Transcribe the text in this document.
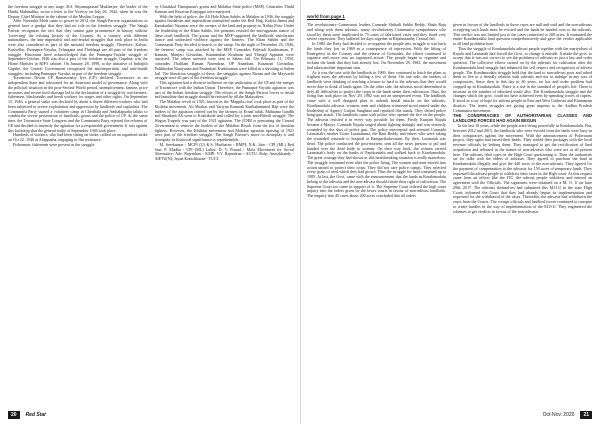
the freedom struggle at any stage. R.S. Shyamaprasad Mukherjee, the leader of the Hindu Mahasabha, wrote a letter to the Viceroy on July 26, 1942, when he was the Deputy Chief Minister in the cabinet of the Muslim League.

After Narendra Modi came to power in 2014, the Sangh Parivar organizations in general have a grudge that they had no role in the freedom struggle. The Sangh Parivar recognizes the fact that they cannot gain prominence in history without 'correcting' the existing history of the Country. As a country with different nationalities, the anti-imperialist and anti-feudal struggles that took place in India were also considered as part of the national freedom struggle. Therefore, Kalyur, Karivellur, Punnapra-Vayalar, Telangana and Thebhaga are all part of the freedom struggle. Historians have acknowledged that the Punnapra-Vayalar struggle of September-October 1946 was also a part of the freedom struggle. Gupthia, was the Home Minister in BJP's cabinet. On January 28, 1998, at the initiative of Indrajith Gupthe, the Central Government recognized the anti-imperialist and anti-feudal struggles, including Punnapra-Vayalar, as part of the freedom struggle.

Travancore Diwan CP Ramaswamy Iyer (CP) declared Travancore as an independent State and advocated for an American model of governance. Along with the political situation in the post-Second World period, unemployment, famine, price increases and severe food shortage led to the declaration of a struggle by coir-farmers, fishermen, blacksmiths and beedi workers for wages and other rights. On September 15, 1946, a general strike was declared by about a dozen different workers who had been subjected to severe exploitation and oppression by landlords and capitalists. The Communist Party started a volunteer camp in Cherthala and Ambalapuzha taluks to combat the severe persecution of landlords, goons and the police of CP. At the same time, the Travancore State Congress and the Communist Party rejected the reforms of CP and decided to intensify the agitation for a responsible government. It was against this backdrop that the general strike of September 1946 took place.

Hundreds of workers, who had been sitting on strike, rallied on an organised strike on Oct 22, 1946 at Alappuzha, engaging in flat resistance.

Fishermen, fishermen were present as the struggle.

by Chirakkal Thampuran's goons and Malabar State police (MSP). Comrades Thidil Kannan and Kesavan Kunjappa were martyred.

With the help of police, the Ali Hole Khan Sahibs in Malabar in 1936, the struggle against feudalism and imperialism intensified under the Red Flag. Kalyat Janmi and Kanakathiri Nayanar were the owners of the land and property in Nithur Pitta. Under the leadership of the Khan Sahibs, the peasants resisted the anti-agrarian stance of these cruel landlords. The goons and the MSP supported the landlords' anti-farmer stance and unleashed violence against the farmers. The Khan Sahibs and the Communist Party decided to march to the camp. On the night of December 20, 1946, the farmers' camp was attacked by the MSP. Comrades Puliyadi Kunhiraman, P. Kannan, Manjeri Govindan, Kannamban Krishnan and Thengil Appunni were martyred. The others arrested were sent to Salem Jail. On February 11, 1950, comrades Thalilam Raman Narendran, OP Ananthan, Kasanoni Govindan, Pulikkodan Narayanan and Panambati Kunhiraman were killed in a shooting at Salem Jail. The liberation struggle of these, the struggles against Nizam and the Mayyazhi struggle were all part of the freedom struggle.

This agitation had a decisive influence on the unification of the CP and the merger of Travancore with the Indian Union. Therefore, the Punnapra-Vayalar agitation was part of the Indian freedom struggle. The efforts of the Sangh Parivar forces to insult and humiliate that struggle should be resisted by all the Malayalees.

The Malabar revolt of 1921, known as the 'Mappila riots' took place as part of the Khilafat movement. Ali Musliar and Variyan Kunnath Kunhahammed Haji were the leaders of the agitation carried out by the farmers of Ernad taluk. Mahatma Gandhi and Shaukath Ali went to Kozhikode and called for a joint anti-British struggle. The Wagon Tragedy was part of the 1921 agitation. The ICHR is pressuring the Central Government to remove the leaders of the Malabar Revolt from the list of freedom fighters. However, the Khilafat movement and Malabar agrarian uprising of 1921 were part of the freedom struggle. The Sangh Parivar's move to downplay it and downplay its historical significance is reprehensible.

M. Sreekumar - MCPI (U) K.S. Hariharan - RMPI; N.K. Jain - CPI (ML) Red Star; P. Madhu - CPI (ML) Labor; D. V. Prasad - Mass Movement for Social Alternative; Adv. Rajendran - KMP; V.V. Rajendran - ACTU; Roby Anayikkandy - AIFTU(N); Jayan Konickkaran - TUCI.

20	Red Star
world from page 1

The revolutionary Communist leaders Comrade Shibadi Subba Reddy, Shahi Raju and along with them adivasis, many revolutionary Communist sympathisers who stood by them were implicated in 75 cases of fabricated cases and they faced very severe repression. They suffered for days together in Rajahmundry Central Jail.

In 1980, the Party had decided to re-organise the people into struggle to win back the lands they lost in 1969 as a consequence of repression. With the lifting of Emergency in the Country and the release of Comrades, the efforts continued to organise and move into an organized action. The people began to organise and reclaim the lands that they had already lost. On November 29, 1982, the movement had taken another important turn.

As it was the case with the landlords in 1969, they continued to hatch the plans to frighten away the adivasis by killing a few of them. On one side, the leaders of landlords were thinking of teaching a lesson so hard to the adivasis that they would never dare to think of lands again. On the other side, the adivasis stood determined to defy all difficulties to protect the crops in the lands under their cultivation. Thus, the firing that took place on Nov' 29, 1982 was not an unexpected event. The landlords came with a well designed plan to unleash brutal attacks on the adivasis. Kondamodalu adivasis -women, men and children witnessed-stood united under the leadership of Agency Girijan Sangham and repulsed this attack. They defied police bang-gun attack. The landlords came with police who opened the fire on the people. The adivasis resisted it in every way possible for them. Firstly Kunjam Rajulu became a Martyr. Comrade Rajulu surged ahead fighting daringly and was seriously wounded by the shot of police gun. The police intercepted and arrested Comrade Laxmaiah's mother Gorre Laxmamma, the Rani Reddy and others who were taking the wounded comrade to hospital at Rampachodavaram. By then, Laxmaiah was dead. The police conducted the post-mortem, sent all the news persons to jail and handed over the dead body to women. On their way back, the women carried Laxmaiah's body on the banks of Papikondalu and walked back to Kondamodalu. The great courage they had shown in this heartbreaking situation is really marvelous. The struggle continued even after the police firing. The women and men moved into action united to protect their crops. They did not care police camps. They selected every grain of seed which they had grown. Thus the struggle for land continued up to 1985. At last, the Govt. came with the announcement that the lands in Kondamodalu belong to the adivasis and the non-adivasi should vitiate their right of cultivation. The Supreme Court too came in support of it. The Supreme Court ordered the high court inquiry into the orders given by the lower courts in favour of non-adivasi landlords. The enquiry into 45 cases about 200 acres concluded that all orders

given in favour of the landlords in those cases are null and void and the non-adivasis occupying such lands must be evicted and the lands be handed over to the adivasis. This verdict was not limited just to the cases connected to 200 acres. It examined the entire Kondamodalu land question comprehensively and gave the verdict applicable to all land problems here.

Thus the struggle of Kondamodalu adivasi people together with the martyrdom of Rajulu and Laxmaiah had forced the Govt. to change it attitude. It made the govt. to accept that it was not correct to see the problems of adivasis as just a law and order question. The collective efforts carried on by the adivasis for cultivation after the Kondamodalu land struggle had enhanced the self respect and recognition of adivasi people. The Kondamodalu struggle held that the land to non-adivasi poor and asked them to live in a friendly relation with adivasis and not to indulge in any sort of conspiracies. Since then to this day in 36 years, no law and order problem had cropped up in Kondamodalu. There is a rise in the standard of people's life. There is increase in the number of educated youth also. The Kondamodalu struggle and the changes which the govt. could not have achieved even by spending crores of rupees. It stood as a ray of hope for adivasi people in East and West Godavari and Khammam districts. The tenets struggles are giving great impetus to the Andhra Pradesh Communist movement.

THE CONSPIRACIES OF AUTHORITARIAN CLASSES AND LANDLORD FORCES HAD AGAIN BEGUN

In the last 10 years, while the people were living peacefully in Kondamodalu. But, between 2012 and 2015, the landlords who were evicted from the lands were busy in their conspiracies against the movement. With the announcement of Polavaram project, they again had raised their heads. They settled their packages with the local revenue officials by bribing them. They managed to get the rectification of land acquisition and released in the names of non-adivasis who were not at all present here. The adivasis filed cases in the High Court questioning it. Then the authorities set for talks with the elders of adivasis. They agreed to purchase the land in Kondamodalu illegally and give the 440 acres to the non-adivasis. They agreed for the payment of compensation to the adivasis for 150 acres of temporary lands. They requested the adivasi people to withdraw their cases in the High court. As this request came from an officer like the ITC, the adivasi people withdrew and entered an agreement with the Officials. The signatures were obtained on a M. O. U on June 29th, 2017. The adivasis themselves had submitted this M.O.U in the state High Court, informed the Court that they had already begun its implementation and requested for the withdrawal of the cases. Thereafter, the adivasis had withdrawn the cases from the Courts. The corrupt officials and landlord forces continued to conspire to create hurdles in the way of implementation of the M.O.U. They engineered the schemes to get verdicts in favour of the non-adivasis

Oct-Nov. 2020	21
